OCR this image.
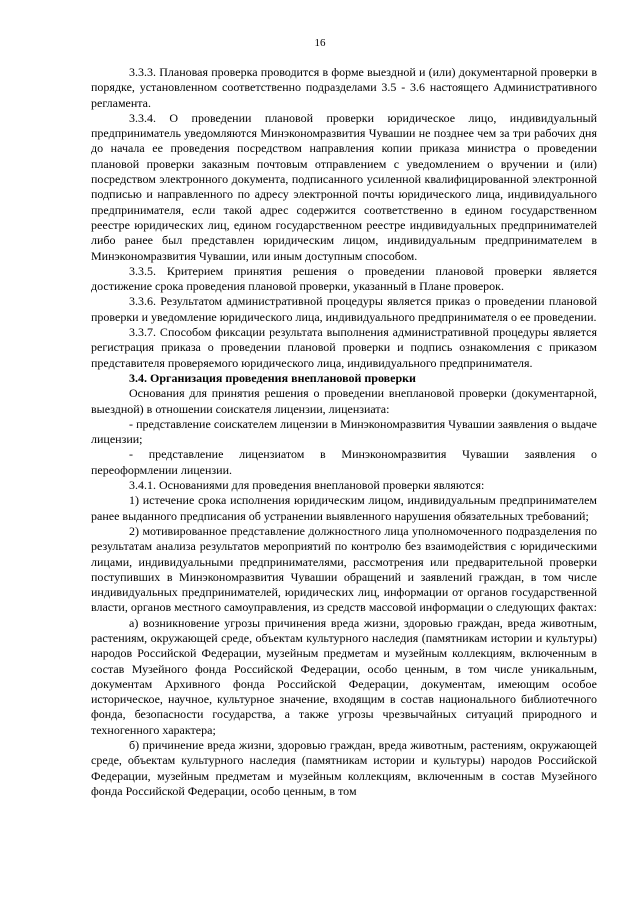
16

3.3.3. Плановая проверка проводится в форме выездной и (или) документарной проверки в порядке, установленном соответственно подразделами 3.5 - 3.6 настоящего Административного регламента.

3.3.4. О проведении плановой проверки юридическое лицо, индивидуальный предприниматель уведомляются Минэкономразвития Чувашии не позднее чем за три рабочих дня до начала ее проведения посредством направления копии приказа министра о проведении плановой проверки заказным почтовым отправлением с уведомлением о вручении и (или) посредством электронного документа, подписанного усиленной квалифицированной электронной подписью и направленного по адресу электронной почты юридического лица, индивидуального предпринимателя, если такой адрес содержится соответственно в едином государственном реестре юридических лиц, едином государственном реестре индивидуальных предпринимателей либо ранее был представлен юридическим лицом, индивидуальным предпринимателем в Минэкономразвития Чувашии, или иным доступным способом.

3.3.5. Критерием принятия решения о проведении плановой проверки является достижение срока проведения плановой проверки, указанный в Плане проверок.

3.3.6. Результатом административной процедуры является приказ о проведении плановой проверки и уведомление юридического лица, индивидуального предпринимателя о ее проведении.

3.3.7. Способом фиксации результата выполнения административной процедуры является регистрация приказа о проведении плановой проверки и подпись ознакомления с приказом представителя проверяемого юридического лица, индивидуального предпринимателя.

3.4. Организация проведения внеплановой проверки

Основания для принятия решения о проведении внеплановой проверки (документарной, выездной) в отношении соискателя лицензии, лицензиата:

- представление соискателем лицензии в Минэкономразвития Чувашии заявления о выдаче лицензии;

- представление лицензиатом в Минэкономразвития Чувашии заявления о переоформлении лицензии.

3.4.1. Основаниями для проведения внеплановой проверки являются:

1) истечение срока исполнения юридическим лицом, индивидуальным предпринимателем ранее выданного предписания об устранении выявленного нарушения обязательных требований;

2) мотивированное представление должностного лица уполномоченного подразделения по результатам анализа результатов мероприятий по контролю без взаимодействия с юридическими лицами, индивидуальными предпринимателями, рассмотрения или предварительной проверки поступивших в Минэкономразвития Чувашии обращений и заявлений граждан, в том числе индивидуальных предпринимателей, юридических лиц, информации от органов государственной власти, органов местного самоуправления, из средств массовой информации о следующих фактах:

а) возникновение угрозы причинения вреда жизни, здоровью граждан, вреда животным, растениям, окружающей среде, объектам культурного наследия (памятникам истории и культуры) народов Российской Федерации, музейным предметам и музейным коллекциям, включенным в состав Музейного фонда Российской Федерации, особо ценным, в том числе уникальным, документам Архивного фонда Российской Федерации, документам, имеющим особое историческое, научное, культурное значение, входящим в состав национального библиотечного фонда, безопасности государства, а также угрозы чрезвычайных ситуаций природного и техногенного характера;

б) причинение вреда жизни, здоровью граждан, вреда животным, растениям, окружающей среде, объектам культурного наследия (памятникам истории и культуры) народов Российской Федерации, музейным предметам и музейным коллекциям, включенным в состав Музейного фонда Российской Федерации, особо ценным, в том
